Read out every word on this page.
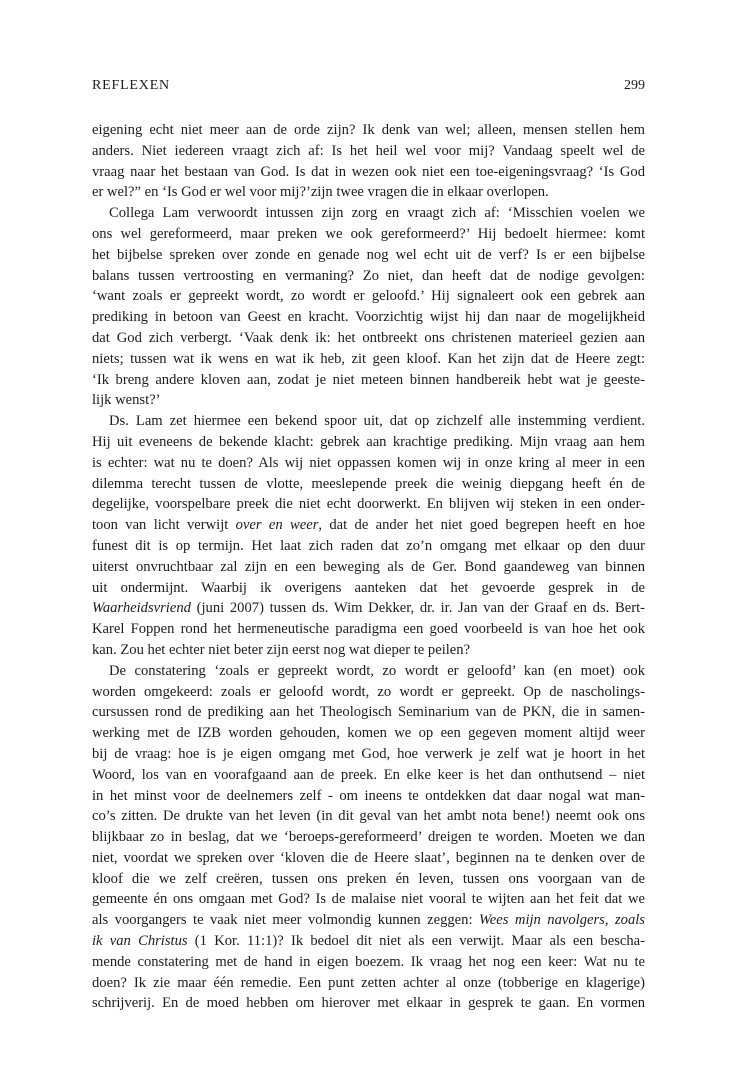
REFLEXEN	299
eigening echt niet meer aan de orde zijn? Ik denk van wel; alleen, mensen stellen hem
anders. Niet iedereen vraagt zich af: Is het heil wel voor mij? Vandaag speelt wel de
vraag naar het bestaan van God. Is dat in wezen ook niet een toe-eigeningsvraag? ‘Is God
er wel?” en ‘Is God er wel voor mij?’zijn twee vragen die in elkaar overlopen.
Collega Lam verwoordt intussen zijn zorg en vraagt zich af: ‘Misschien voelen we
ons wel gereformeerd, maar preken we ook gereformeerd?’ Hij bedoelt hiermee: komt
het bijbelse spreken over zonde en genade nog wel echt uit de verf? Is er een bijbelse
balans tussen vertroosting en vermaning? Zo niet, dan heeft dat de nodige gevolgen:
‘want zoals er gepreekt wordt, zo wordt er geloofd.’ Hij signaleert ook een gebrek aan
prediking in betoon van Geest en kracht. Voorzichtig wijst hij dan naar de mogelijkheid
dat God zich verbergt. ‘Vaak denk ik: het ontbreekt ons christenen materieel gezien aan
niets; tussen wat ik wens en wat ik heb, zit geen kloof. Kan het zijn dat de Heere zegt:
‘Ik breng andere kloven aan, zodat je niet meteen binnen handbereik hebt wat je geeste-
lijk wenst?’
Ds. Lam zet hiermee een bekend spoor uit, dat op zichzelf alle instemming verdient.
Hij uit eveneens de bekende klacht: gebrek aan krachtige prediking. Mijn vraag aan hem
is echter: wat nu te doen? Als wij niet oppassen komen wij in onze kring al meer in een
dilemma terecht tussen de vlotte, meeslepende preek die weinig diepgang heeft én de
degelijke, voorspelbare preek die niet echt doorwerkt. En blijven wij steken in een onder-
toon van licht verwijt over en weer, dat de ander het niet goed begrepen heeft en hoe
funest dit is op termijn. Het laat zich raden dat zo’n omgang met elkaar op den duur
uiterst onvruchtbaar zal zijn en een beweging als de Ger. Bond gaandeweg van binnen
uit ondermijnt. Waarbij ik overigens aanteken dat het gevoerde gesprek in de
Waarheidsvriend (juni 2007) tussen ds. Wim Dekker, dr. ir. Jan van der Graaf en ds. Bert-
Karel Foppen rond het hermeneutische paradigma een goed voorbeeld is van hoe het ook
kan. Zou het echter niet beter zijn eerst nog wat dieper te peilen?
De constatering ‘zoals er gepreekt wordt, zo wordt er geloofd’ kan (en moet) ook
worden omgekeerd: zoals er geloofd wordt, zo wordt er gepreekt. Op de nascholings-
cursussen rond de prediking aan het Theologisch Seminarium van de PKN, die in samen-
werking met de IZB worden gehouden, komen we op een gegeven moment altijd weer
bij de vraag: hoe is je eigen omgang met God, hoe verwerk je zelf wat je hoort in het
Woord, los van en voorafgaand aan de preek. En elke keer is het dan onthutsend – niet
in het minst voor de deelnemers zelf - om ineens te ontdekken dat daar nogal wat man-
co’s zitten. De drukte van het leven (in dit geval van het ambt nota bene!) neemt ook ons
blijkbaar zo in beslag, dat we ‘beroeps-gereformeerd’ dreigen te worden. Moeten we dan
niet, voordat we spreken over ‘kloven die de Heere slaat’, beginnen na te denken over de
kloof die we zelf creëren, tussen ons preken én leven, tussen ons voorgaan van de
gemeente én ons omgaan met God? Is de malaise niet vooral te wijten aan het feit dat we
als voorgangers te vaak niet meer volmondig kunnen zeggen: Wees mijn navolgers, zoals
ik van Christus (1 Kor. 11:1)? Ik bedoel dit niet als een verwijt. Maar als een bescha-
mende constatering met de hand in eigen boezem. Ik vraag het nog een keer: Wat nu te
doen? Ik zie maar één remedie. Een punt zetten achter al onze (tobberige en klagerige)
schrijverij. En de moed hebben om hierover met elkaar in gesprek te gaan. En vormen
